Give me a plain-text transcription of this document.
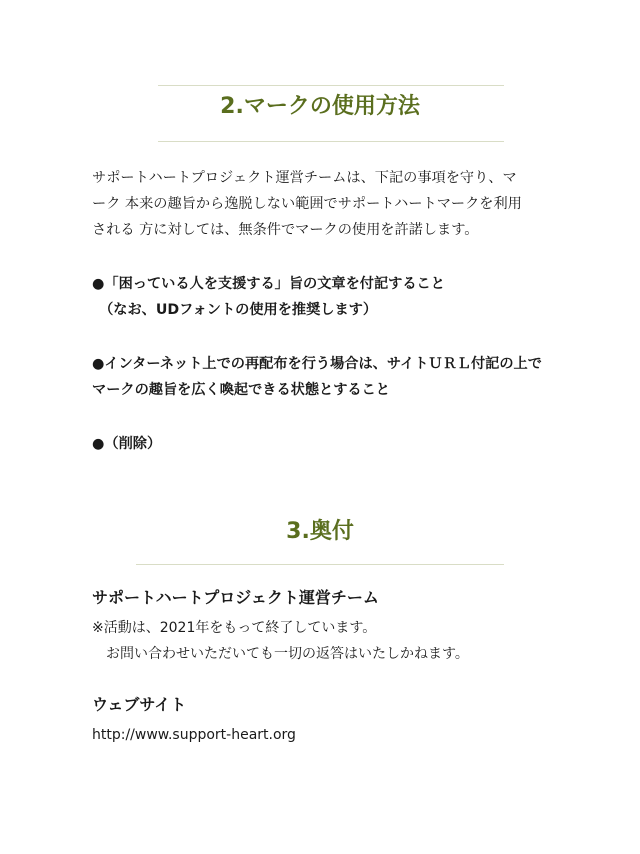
2.マークの使用方法

サポートハートプロジェクト運営チームは、下記の事項を守り、マ
ーク 本来の趣旨から逸脱しない範囲でサポートハートマークを利用
される 方に対しては、無条件でマークの使用を許諾します。

●「困っている人を支援する」旨の文章を付記すること
　（なお、UDフォントの使用を推奨します）

●インターネット上での再配布を行う場合は、サイトＵＲＬ付記の上で
マークの趣旨を広く喚起できる状態とすること

●（削除）

3.奥付
サポートハートプロジェクト運営チーム

※活動は、2021年をもって終了しています。
　お問い合わせいただいても一切の返答はいたしかねます。

ウェブサイト
http://www.support-heart.org
